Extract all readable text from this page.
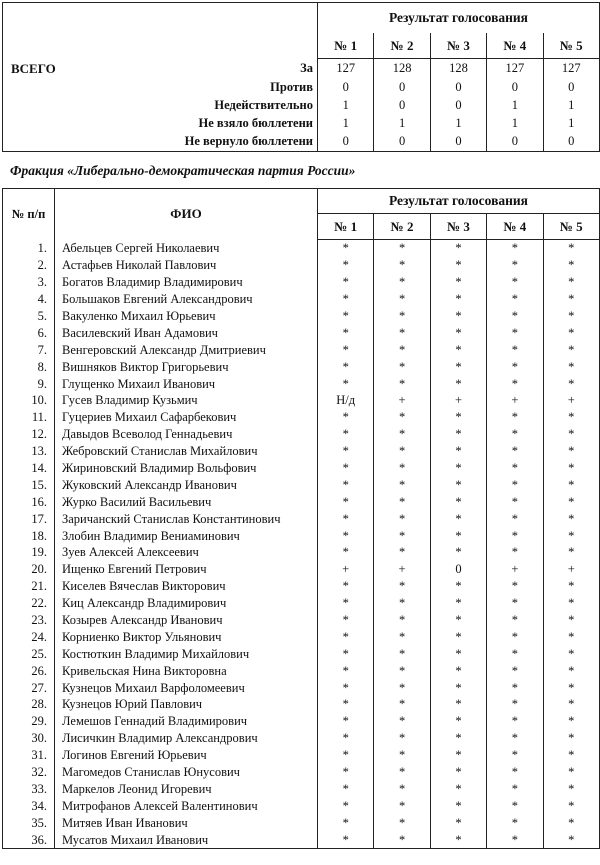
ВСЕГО	Результат голосования				
	№ 1	№ 2	№ 3	№ 4	№ 5
За	127	128	128	127	127
Против	0	0	0	0	0
Недействительно	1	0	0	1	1
Не взяло бюллетени	1	1	1	1	1
Не вернуло бюллетени	0	0	0	0	0
Фракция «Либерально-демократическая партия России»
№ п/п	ФИО	Результат голосования				
		№ 1	№ 2	№ 3	№ 4	№ 5
1.	Абельцев Сергей Николаевич	*	*	*	*	*
2.	Астафьев Николай Павлович	*	*	*	*	*
3.	Богатов Владимир Владимирович	*	*	*	*	*
4.	Большаков Евгений Александрович	*	*	*	*	*
5.	Вакуленко Михаил Юрьевич	*	*	*	*	*
6.	Василевский Иван Адамович	*	*	*	*	*
7.	Венгеровский Александр Дмитриевич	*	*	*	*	*
8.	Вишняков Виктор Григорьевич	*	*	*	*	*
9.	Глущенко Михаил Иванович	*	*	*	*	*
10.	Гусев Владимир Кузьмич	Н/д	+	+	+	+
11.	Гуцериев Михаил Сафарбекович	*	*	*	*	*
12.	Давыдов Всеволод Геннадьевич	*	*	*	*	*
13.	Жебровский Станислав Михайлович	*	*	*	*	*
14.	Жириновский Владимир Вольфович	*	*	*	*	*
15.	Жуковский Александр Иванович	*	*	*	*	*
16.	Журко Василий Васильевич	*	*	*	*	*
17.	Заричанский Станислав Константинович	*	*	*	*	*
18.	Злобин Владимир Вениаминович	*	*	*	*	*
19.	Зуев Алексей Алексеевич	*	*	*	*	*
20.	Ищенко Евгений Петрович	+	+	0	+	+
21.	Киселев Вячеслав Викторович	*	*	*	*	*
22.	Киц Александр Владимирович	*	*	*	*	*
23.	Козырев Александр Иванович	*	*	*	*	*
24.	Корниенко Виктор Ульянович	*	*	*	*	*
25.	Костюткин Владимир Михайлович	*	*	*	*	*
26.	Кривельская Нина Викторовна	*	*	*	*	*
27.	Кузнецов Михаил Варфоломеевич	*	*	*	*	*
28.	Кузнецов Юрий Павлович	*	*	*	*	*
29.	Лемешов Геннадий Владимирович	*	*	*	*	*
30.	Лисичкин Владимир Александрович	*	*	*	*	*
31.	Логинов Евгений Юрьевич	*	*	*	*	*
32.	Магомедов Станислав Юнусович	*	*	*	*	*
33.	Маркелов Леонид Игоревич	*	*	*	*	*
34.	Митрофанов Алексей Валентинович	*	*	*	*	*
35.	Митяев Иван Иванович	*	*	*	*	*
36.	Мусатов Михаил Иванович	*	*	*	*	*
